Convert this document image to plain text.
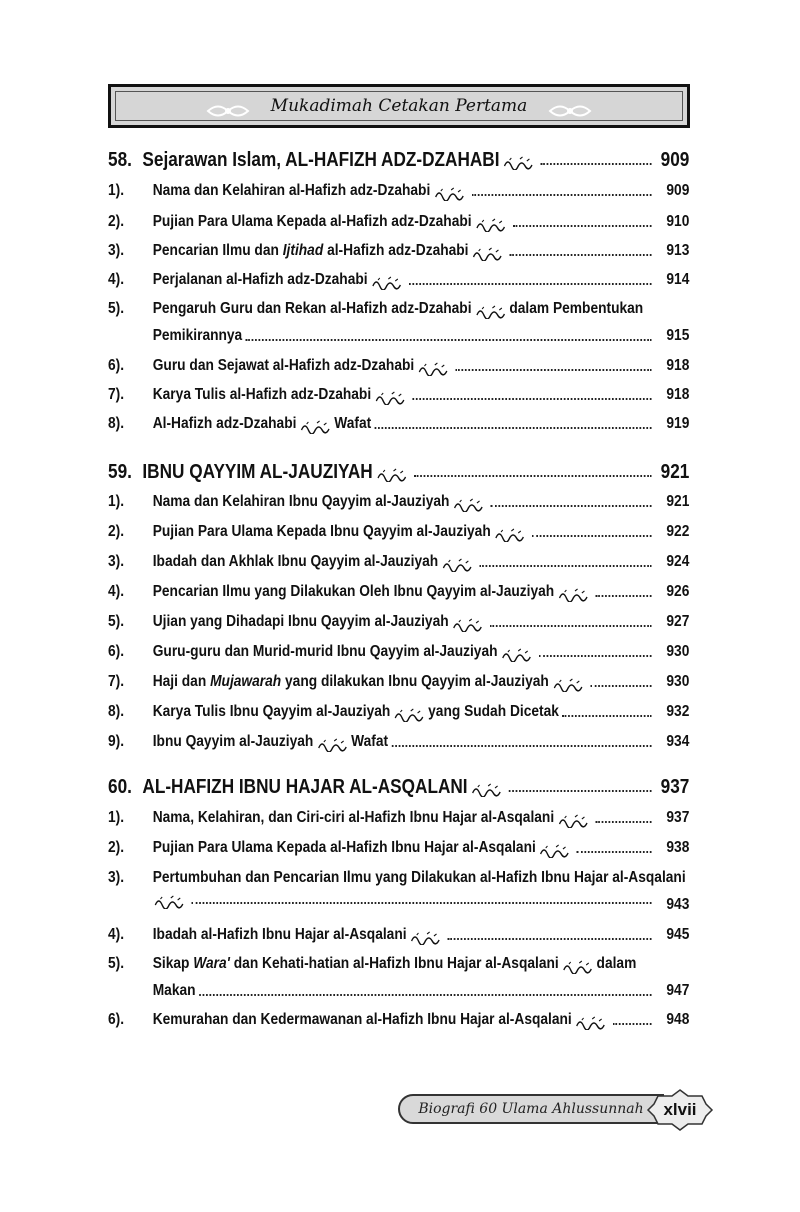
Mukadimah Cetakan Pertama
58. Sejarawan Islam, AL-HAFIZH ADZ-DZAHABI	909
1). Nama dan Kelahiran al-Hafizh adz-Dzahabi	909
2). Pujian Para Ulama Kepada al-Hafizh adz-Dzahabi	910
3). Pencarian Ilmu dan
Ijtihad
al-Hafizh adz-Dzahabi	913
4). Perjalanan al-Hafizh adz-Dzahabi	914
5). Pengaruh Guru dan Rekan al-Hafizh adz-Dzahabi dalam Pembentukan
Pemikirannya	915
6). Guru dan Sejawat al-Hafizh adz-Dzahabi	918
7). Karya Tulis al-Hafizh adz-Dzahabi	918
8). Al-Hafizh adz-Dzahabi Wafat	919
59. IBNU QAYYIM AL-JAUZIYAH	921
1). Nama dan Kelahiran Ibnu Qayyim al-Jauziyah	921
2). Pujian Para Ulama Kepada Ibnu Qayyim al-Jauziyah	922
3). Ibadah dan Akhlak Ibnu Qayyim al-Jauziyah	924
4). Pencarian Ilmu yang Dilakukan Oleh Ibnu Qayyim al-Jauziyah	926
5). Ujian yang Dihadapi Ibnu Qayyim al-Jauziyah	927
6). Guru-guru dan Murid-murid Ibnu Qayyim al-Jauziyah	930
7). Haji dan
Mujawarah
yang dilakukan Ibnu Qayyim al-Jauziyah	930
8). Karya Tulis Ibnu Qayyim al-Jauziyah yang Sudah Dicetak	932
9). Ibnu Qayyim al-Jauziyah Wafat	934
60. AL-HAFIZH IBNU HAJAR AL-ASQALANI	937
1). Nama, Kelahiran, dan Ciri-ciri al-Hafizh Ibnu Hajar al-Asqalani	937
2). Pujian Para Ulama Kepada al-Hafizh Ibnu Hajar al-Asqalani	938
3). Pertumbuhan dan Pencarian Ilmu yang Dilakukan al-Hafizh Ibnu Hajar al-Asqalani
943
4). Ibadah al-Hafizh Ibnu Hajar al-Asqalani	945
5). Sikap
Wara'
dan Kehati-hatian al-Hafizh Ibnu Hajar al-Asqalani dalam
Makan	947
6). Kemurahan dan Kedermawanan al-Hafizh Ibnu Hajar al-Asqalani	948
Biografi 60 Ulama Ahlussunnah	xlvii
